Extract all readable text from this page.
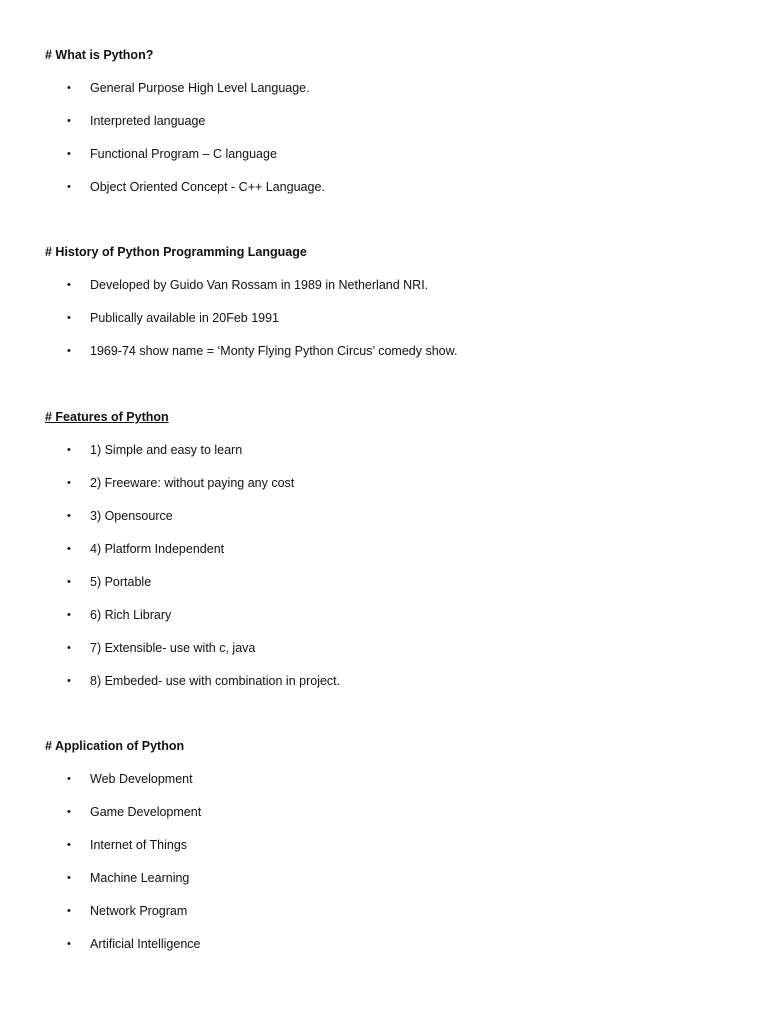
# What is Python?
• General Purpose High Level Language.
• Interpreted language
• Functional Program – C language
• Object Oriented Concept - C++ Language.
# History of Python Programming Language
• Developed by Guido Van Rossam in 1989 in Netherland NRI.
• Publically available in 20Feb 1991
• 1969-74 show name = ‘Monty Flying Python Circus’ comedy show.
# Features of Python
• 1) Simple and easy to learn
• 2) Freeware: without paying any cost
• 3) Opensource
• 4) Platform Independent
• 5) Portable
• 6) Rich Library
• 7) Extensible- use with c, java
• 8) Embeded- use with combination in project.
# Application of Python
• Web Development
• Game Development
• Internet of Things
• Machine Learning
• Network Program
• Artificial Intelligence
